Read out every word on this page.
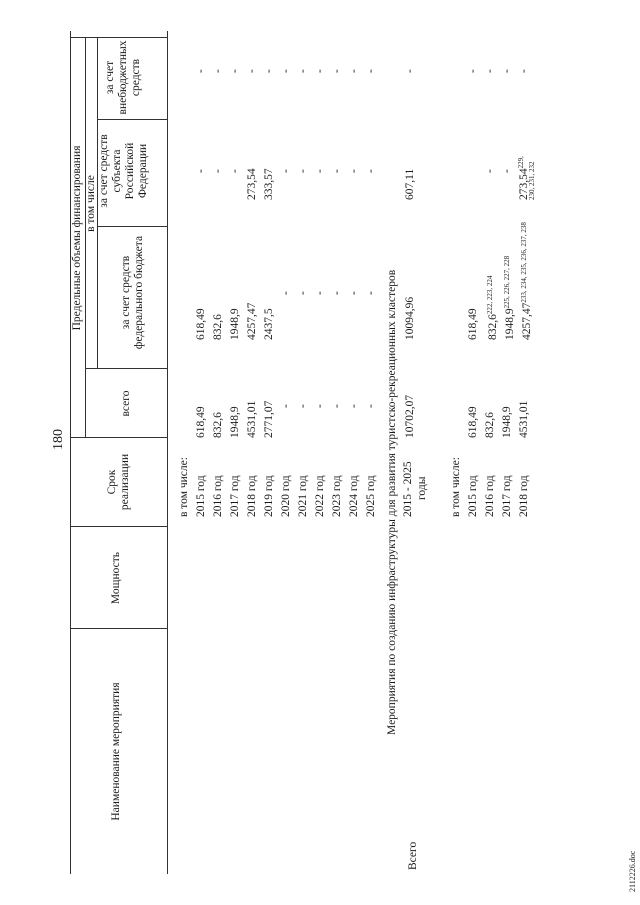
180
Наименование мероприятия
Мощность
Срок реализации
Предельные объемы финансирования
всего
в том числе
за счет средств федерального бюджета
за счет средств субъекта Российской Федерации
за счет внебюджетных средств
в том числе: 2015 год
618,49
618,49
-
-
2016 год
832,6
832,6
-
-
2017 год
1948,9
1948,9
-
-
2018 год
4531,01
4257,47
273,54
-
2019 год
2771,07
2437,5
333,57
-
2020 год
-
-
-
-
2021 год
-
-
-
-
2022 год
-
-
-
-
2023 год
-
-
-
-
2024 год
-
-
-
-
2025 год
-
-
-
-
Мероприятия по созданию инфраструктуры для развития туристско-рекреационных кластеров
Всего
2015 - 2025 годы
10702,07
10094,96
607,11
-
в том числе: 2015 год
618,49
618,49
-
2016 год
832,6
832,6$^{222, 223, 224}$
-
-
2017 год
1948,9
1948,9$^{225, 226, 227, 228}$
-
-
2018 год
4531,01
4257,47$^{233, 234, 235, 236, 237, 238}$
$273,54^{229,}$ 230, 231, 232
-
2112226.doc
